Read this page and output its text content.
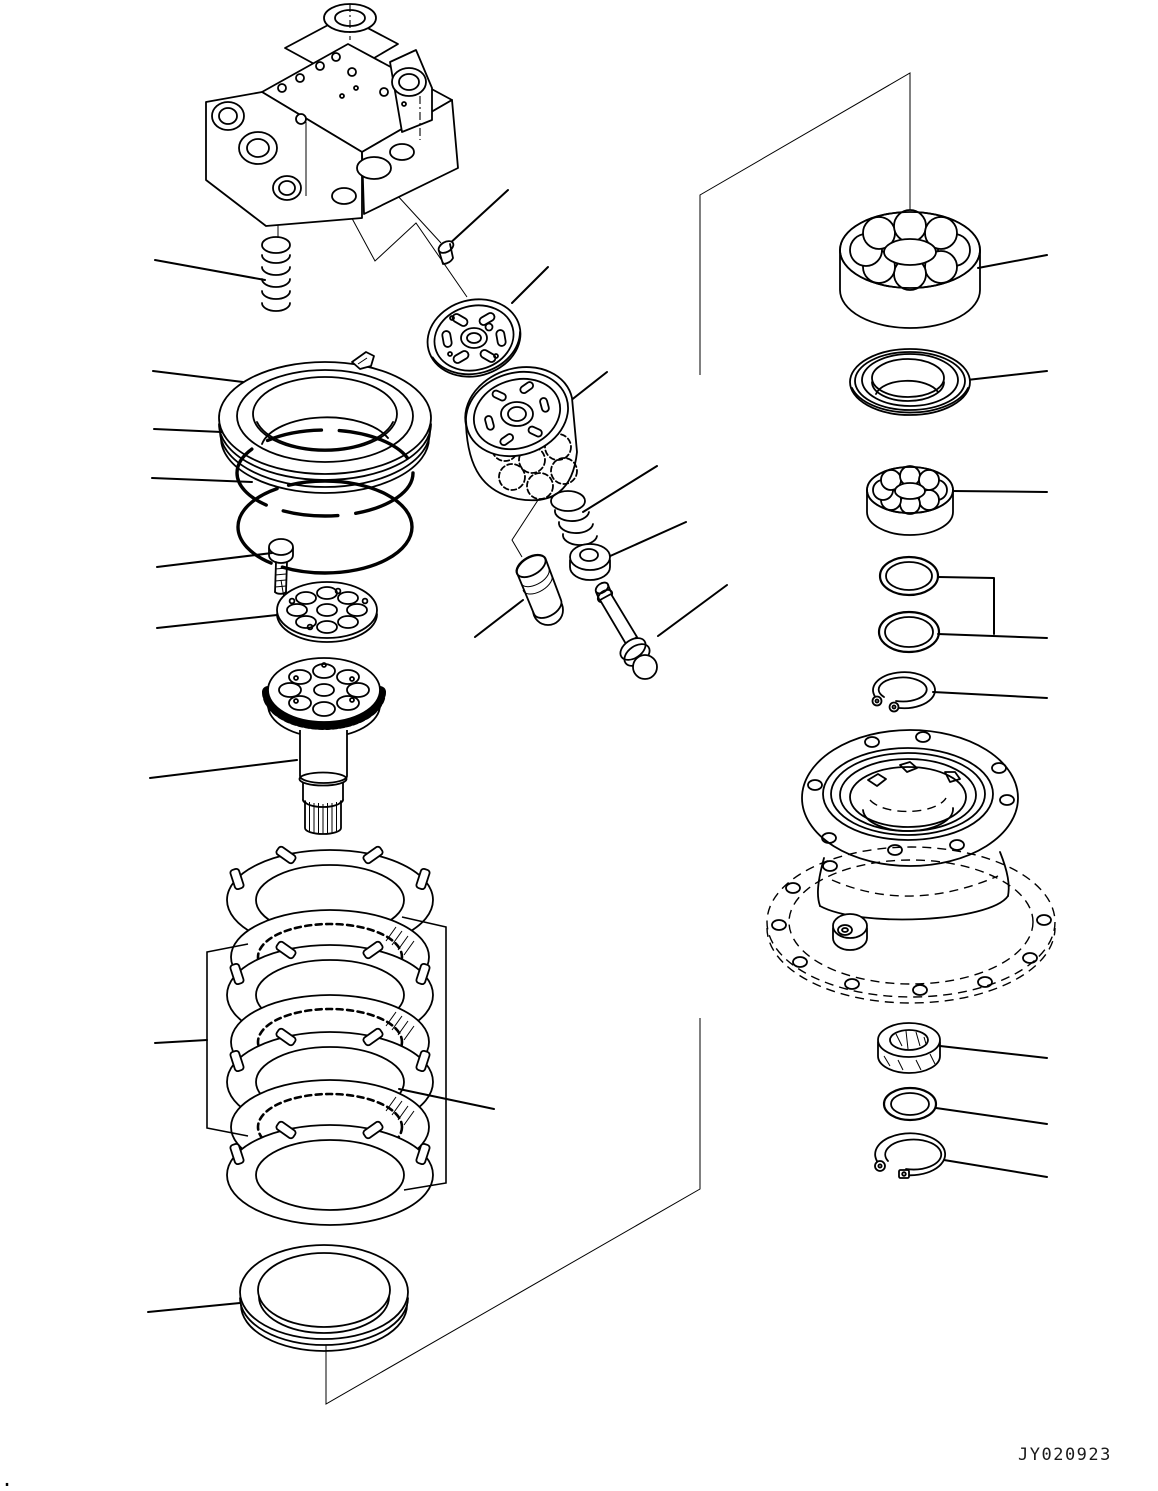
JY020923
.
